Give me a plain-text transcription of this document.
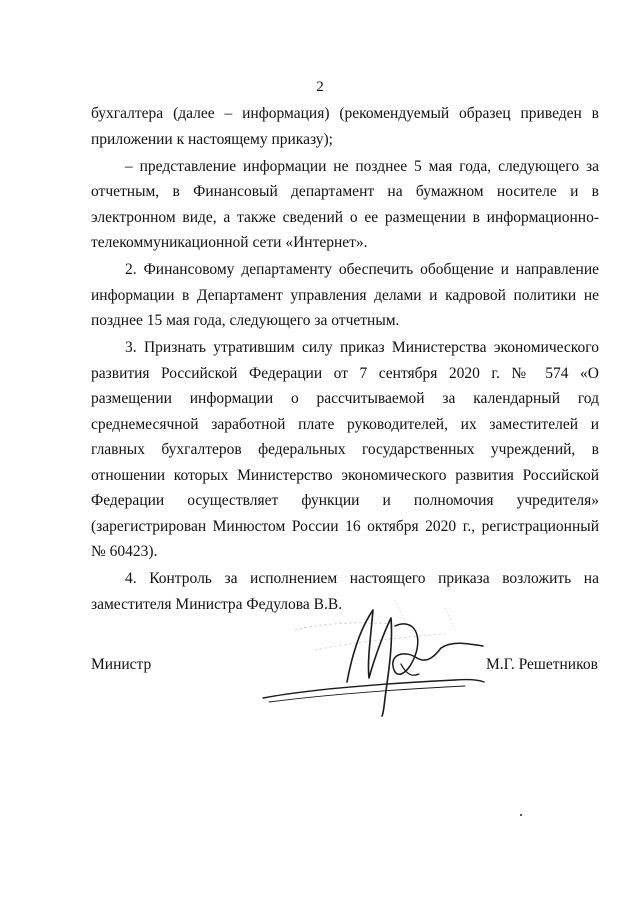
2

бухгалтера (далее – информация) (рекомендуемый образец приведен в приложении к настоящему приказу);

– представление информации не позднее 5 мая года, следующего за отчетным, в Финансовый департамент на бумажном носителе и в электронном виде, а также сведений о ее размещении в информационно-телекоммуникационной сети «Интернет».

2. Финансовому департаменту обеспечить обобщение и направление информации в Департамент управления делами и кадровой политики не позднее 15 мая года, следующего за отчетным.

3. Признать утратившим силу приказ Министерства экономического развития Российской Федерации от 7 сентября 2020 г. № 574 «О размещении информации о рассчитываемой за календарный год среднемесячной заработной плате руководителей, их заместителей и главных бухгалтеров федеральных государственных учреждений, в отношении которых Министерство экономического развития Российской Федерации осуществляет функции и полномочия учредителя» (зарегистрирован Минюстом России 16 октября 2020 г., регистрационный № 60423).

4. Контроль за исполнением настоящего приказа возложить на заместителя Министра Федулова В.В.

Министр	М.Г. Решетников
